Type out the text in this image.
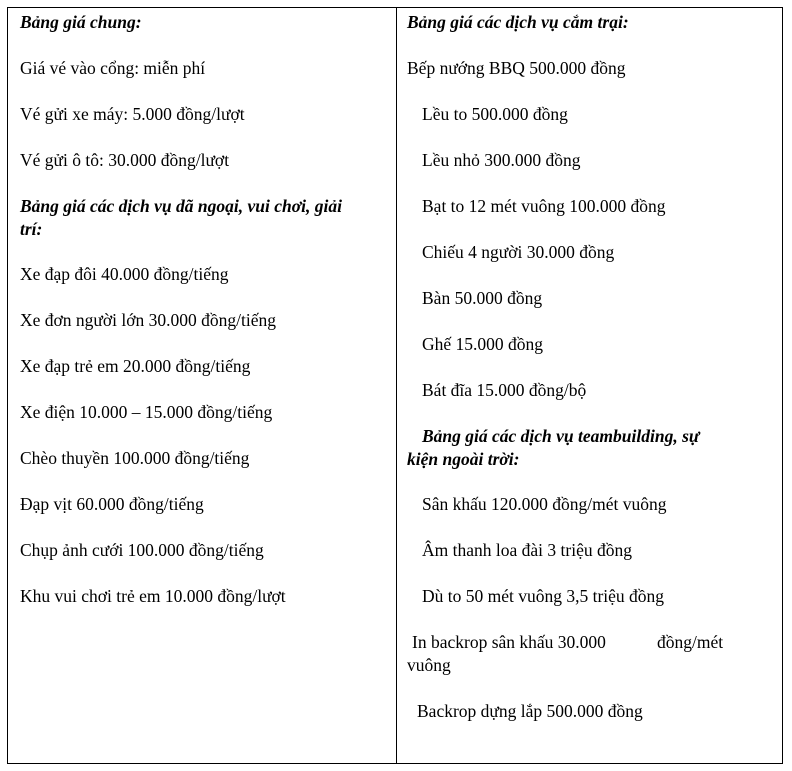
Bảng giá chung:
Giá vé vào cổng: miễn phí
Vé gửi xe máy: 5.000 đồng/lượt
Vé gửi ô tô: 30.000 đồng/lượt
Bảng giá các dịch vụ dã ngoại, vui chơi, giải
trí:
Xe đạp đôi 40.000 đồng/tiếng
Xe đơn người lớn 30.000 đồng/tiếng
Xe đạp trẻ em 20.000 đồng/tiếng
Xe điện 10.000 – 15.000 đồng/tiếng
Chèo thuyền 100.000 đồng/tiếng
Đạp vịt 60.000 đồng/tiếng
Chụp ảnh cưới 100.000 đồng/tiếng
Khu vui chơi trẻ em 10.000 đồng/lượt
Bảng giá các dịch vụ cắm trại:
Bếp nướng BBQ 500.000 đồng
Lều to 500.000 đồng
Lều nhỏ 300.000 đồng
Bạt to 12 mét vuông 100.000 đồng
Chiếu 4 người 30.000 đồng
Bàn 50.000 đồng
Ghế 15.000 đồng
Bát đĩa 15.000 đồng/bộ
Bảng giá các dịch vụ teambuilding, sự
kiện ngoài trời:
Sân khấu 120.000 đồng/mét vuông
Âm thanh loa đài 3 triệu đồng
Dù to 50 mét vuông 3,5 triệu đồng
In backrop sân khấu 30.000	đồng/mét
vuông
Backrop dựng lắp 500.000 đồng
